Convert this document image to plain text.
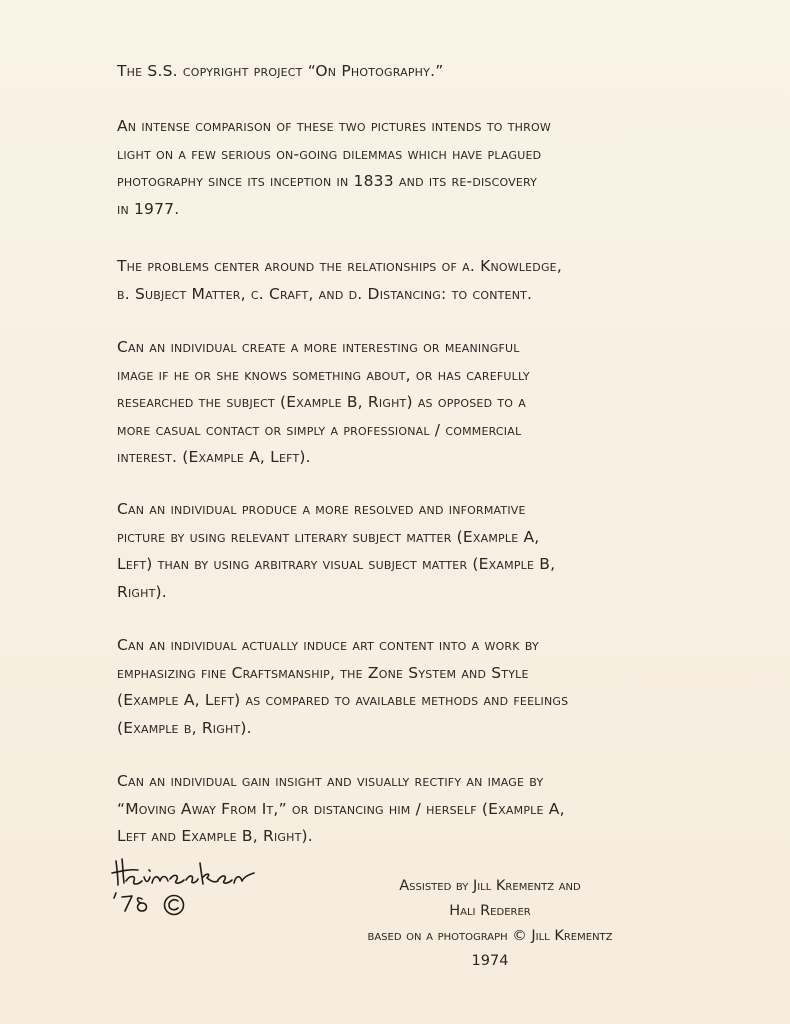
The S.S. copyright project “On Photography.”

An intense comparison of these two pictures intends to throw
light on a few serious on-going dilemmas which have plagued
photography since its inception in 1833 and its re-discovery
in 1977.

The problems center around the relationships of a. Knowledge,
b. Subject Matter, c. Craft, and d. Distancing: to content.

Can an individual create a more interesting or meaningful
image if he or she knows something about, or has carefully
researched the subject (Example B, Right) as opposed to a
more casual contact or simply a professional / commercial
interest. (Example A, Left).

Can an individual produce a more resolved and informative
picture by using relevant literary subject matter (Example A,
Left) than by using arbitrary visual subject matter (Example B,
Right).

Can an individual actually induce art content into a work by
emphasizing fine Craftsmanship, the Zone System and Style
(Example A, Left) as compared to available methods and feelings
(Example b, Right).

Can an individual gain insight and visually rectify an image by
“Moving Away From It,” or distancing him / herself (Example A,
Left and Example B, Right).

Assisted by Jill Krementz and
Hali Rederer
based on a photograph © Jill Krementz
1974
